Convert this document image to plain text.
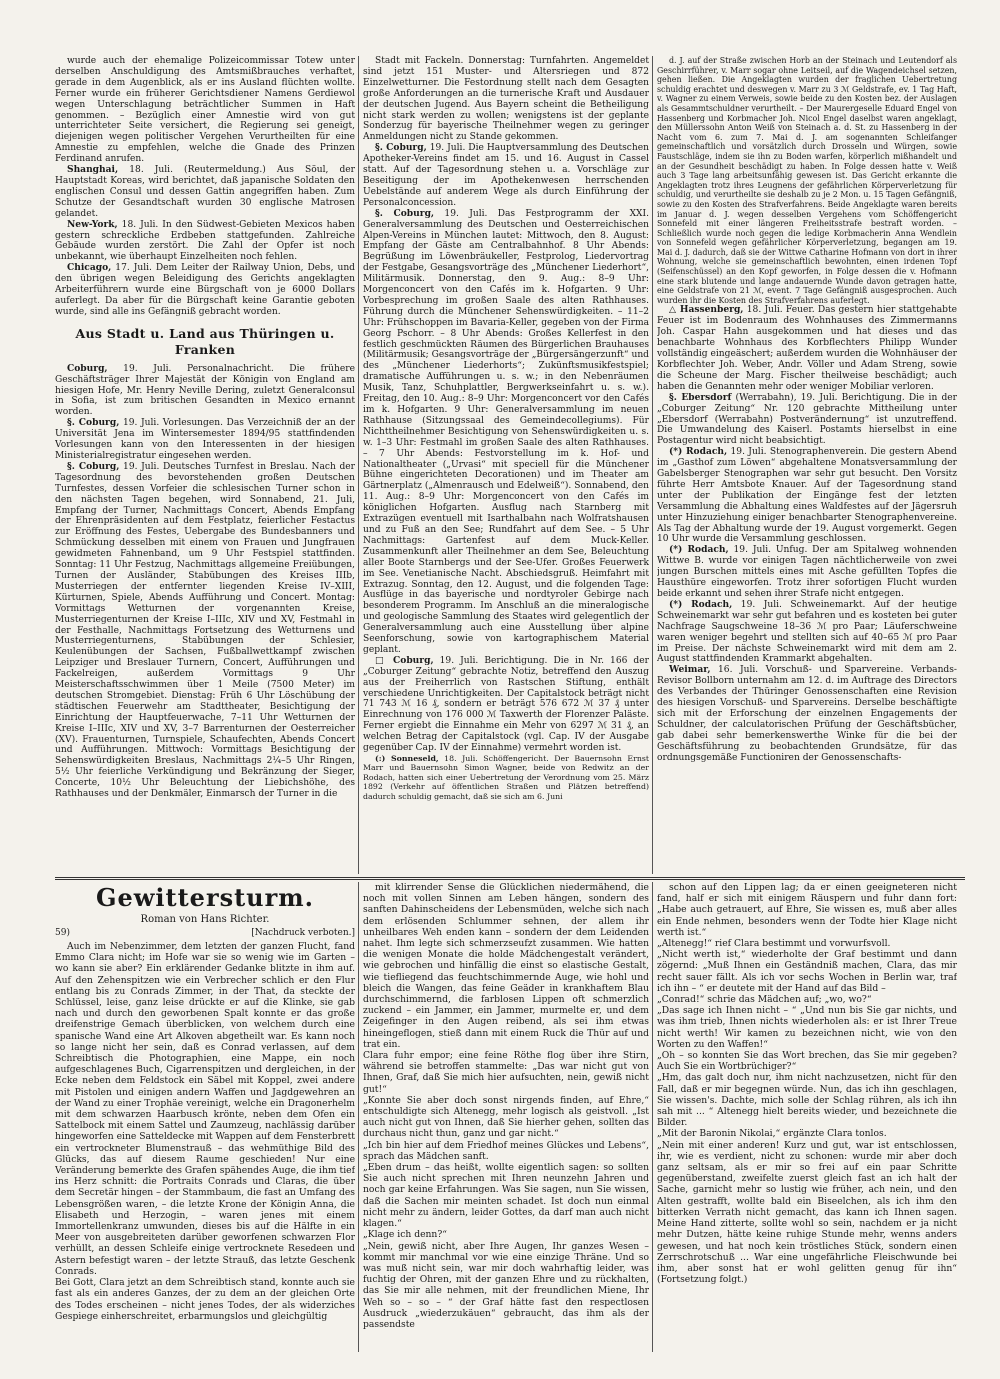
wurde auch der ehemalige Polizeicommissar Totew unter derselben Anschuldigung des Amtsmißbrauches verhaftet, gerade in dem Augenblick, als er ins Ausland flüchten wollte. Ferner wurde ein früherer Gerichtsdiener Namens Gerdiewol wegen Unterschlagung beträchtlicher Summen in Haft genommen. – Bezüglich einer Amnestie wird von gut unterrichteter Seite versichert, die Regierung sei geneigt, diejenigen wegen politischer Vergehen Verurtheilten für eine Amnestie zu empfehlen, welche die Gnade des Prinzen Ferdinand anrufen.

Shanghai, 18. Juli. (Reutermeldung.) Aus Söul, der Hauptstadt Koreas, wird berichtet, daß japanische Soldaten den englischen Consul und dessen Gattin angegriffen haben. Zum Schutze der Gesandtschaft wurden 30 englische Matrosen gelandet.

New-York, 18. Juli. In den Südwest-Gebieten Mexicos haben gestern schreckliche Erdbeben stattgefunden. Zahlreiche Gebäude wurden zerstört. Die Zahl der Opfer ist noch unbekannt, wie überhaupt Einzelheiten noch fehlen.

Chicago, 17. Juli. Dem Leiter der Railway Union, Debs, und den übrigen wegen Beleidigung des Gerichts angeklagten Arbeiterführern wurde eine Bürgschaft von je 6000 Dollars auferlegt. Da aber für die Bürgschaft keine Garantie geboten wurde, sind alle ins Gefängniß gebracht worden.

Aus Stadt u. Land aus Thüringen u. Franken

Coburg, 19. Juli. Personalnachricht. Die frühere Geschäftsträger Ihrer Majestät der Königin von England am hiesigen Hofe, Mr. Henry Neville Dering, zuletzt Generalconsul in Sofia, ist zum britischen Gesandten in Mexico ernannt worden.

§. Coburg, 19. Juli. Vorlesungen. Das Verzeichniß der an der Universität Jena im Wintersemester 1894/95 stattfindenden Vorlesungen kann von den Interessenten in der hiesigen Ministerialregistratur eingesehen werden.

§. Coburg, 19. Juli. Deutsches Turnfest in Breslau. Nach der Tagesordnung des bevorstehenden großen Deutschen Turnfestes, dessen Vorfeier die schlesischen Turner schon in den nächsten Tagen begehen, wird Sonnabend, 21. Juli, Empfang der Turner, Nachmittags Concert, Abends Empfang der Ehrenpräsidenten auf dem Festplatz, feierlicher Festactus zur Eröffnung des Festes, Uebergabe des Bundesbanners und Schmückung desselben mit einem von Frauen und Jungfrauen gewidmeten Fahnenband, um 9 Uhr Festspiel stattfinden. Sonntag: 11 Uhr Festzug, Nachmittags allgemeine Freiübungen, Turnen der Ausländer, Stabübungen des Kreises IIIb, Musterriegen der entfernter liegenden Kreise IV–XIII, Kürturnen, Spiele, Abends Aufführung und Concert. Montag: Vormittags Wetturnen der vorgenannten Kreise, Musterriegenturnen der Kreise I–IIIc, XIV und XV, Festmahl in der Festhalle, Nachmittags Fortsetzung des Wetturnens und Musterriegenturnens, Stabübungen der Schlesier, Keulenübungen der Sachsen, Fußballwettkampf zwischen Leipziger und Breslauer Turnern, Concert, Aufführungen und Fackelreigen, außerdem Vormittags 9 Uhr Meisterschaftsschwimmen über 1 Meile (7500 Meter) im deutschen Stromgebiet. Dienstag: Früh 6 Uhr Löschübung der städtischen Feuerwehr am Stadttheater, Besichtigung der Einrichtung der Hauptfeuerwache, 7–11 Uhr Wetturnen der Kreise I–IIIc, XIV und XV, 3–7 Barrenturnen der Oesterreicher (XV). Frauenturnen, Turnspiele, Schaufechten, Abends Concert und Aufführungen. Mittwoch: Vormittags Besichtigung der Sehenswürdigkeiten Breslaus, Nachmittags 2¼–5 Uhr Ringen, 5½ Uhr feierliche Verkündigung und Bekränzung der Sieger, Concerte, 10½ Uhr Beleuchtung der Liebichshöhe, des Rathhauses und der Denkmäler, Einmarsch der Turner in die

Stadt mit Fackeln. Donnerstag: Turnfahrten. Angemeldet sind jetzt 151 Muster- und Altersriegen und 872 Einzelwetturner. Die Festordnung stellt nach dem Gesagten große Anforderungen an die turnerische Kraft und Ausdauer der deutschen Jugend. Aus Bayern scheint die Betheiligung nicht stark werden zu wollen; wenigstens ist der geplante Sonderzug für bayerische Theilnehmer wegen zu geringer Anmeldungen nicht zu Stande gekommen.

§. Coburg, 19. Juli. Die Hauptversammlung des Deutschen Apotheker-Vereins findet am 15. und 16. August in Cassel statt. Auf der Tagesordnung stehen u. a. Vorschläge zur Beseitigung der im Apothekenwesen herrschenden Uebelstände auf anderem Wege als durch Einführung der Personalconcession.

§. Coburg, 19. Juli. Das Festprogramm der XXI. Generalversammlung des Deutschen und Oesterreichischen Alpen-Vereins in München lautet: Mittwoch, den 8. August: Empfang der Gäste am Centralbahnhof. 8 Uhr Abends: Begrüßung im Löwenbräukeller, Festprolog, Liedervortrag der Festgabe, Gesangsvorträge des „Münchener Liederhort“, Militärmusik. Donnerstag, den 9. Aug.: 8–9 Uhr: Morgenconcert von den Cafés im k. Hofgarten. 9 Uhr: Vorbesprechung im großen Saale des alten Rathhauses. Führung durch die Münchener Sehenswürdigkeiten. – 11–2 Uhr: Frühschoppen im Bavaria-Keller, gegeben von der Firma Georg Pschorr. – 8 Uhr Abends: Großes Kellerfest in den festlich geschmückten Räumen des Bürgerlichen Brauhauses (Militärmusik; Gesangsvorträge der „Bürgersängerzunft“ und des „Münchener Liederhorts“; Zukünftsmusikfestspiel; dramatische Aufführungen u. s. w.; in den Nebenräumen Musik, Tanz, Schuhplattler, Bergwerkseinfahrt u. s. w.). Freitag, den 10. Aug.: 8–9 Uhr: Morgenconcert vor den Cafés im k. Hofgarten. 9 Uhr: Generalversammlung im neuen Rathhause (Sitzungssaal des Gemeindecollegiums). Für Nichttheilnehmer Besichtigung von Sehenswürdigkeiten u. s. w. 1–3 Uhr: Festmahl im großen Saale des alten Rathhauses. – 7 Uhr Abends: Festvorstellung im k. Hof- und Nationaltheater („Urvasi“ mit speciell für die Münchener Bühne eingerichteten Decorationen) und im Theater am Gärtnerplatz („Almenrausch und Edelweiß“). Sonnabend, den 11. Aug.: 8–9 Uhr: Morgenconcert von den Cafés im königlichen Hofgarten. Ausflug nach Starnberg mit Extrazügen eventuell mit Isarthalbahn nach Wolfratshausen und zu Fuß an den See; Rundfahrt auf dem See. – 5 Uhr Nachmittags: Gartenfest auf dem Muck-Keller. Zusammenkunft aller Theilnehmer an dem See, Beleuchtung aller Boote Starnbergs und der See-Ufer. Großes Feuerwerk im See. Venetianische Nacht. Abschiedsgruß. Heimfahrt mit Extrazug. Sonntag, den 12. August, und die folgenden Tage: Ausflüge in das bayerische und nordtyroler Gebirge nach besonderem Programm. Im Anschluß an die mineralogische und geologische Sammlung des Staates wird gelegentlich der Generalversammlung auch eine Ausstellung über alpine Seenforschung, sowie von kartographischem Material geplant.

□ Coburg, 19. Juli. Berichtigung. Die in Nr. 166 der „Coburger Zeitung“ gebrachte Notiz, betreffend den Auszug aus der Freiherrlich von Rastschen Stiftung, enthält verschiedene Unrichtigkeiten. Der Capitalstock beträgt nicht 71 743 ℳ 16 ₰, sondern er beträgt 576 672 ℳ 37 ₰ unter Einrechnung von 176 000 ℳ Taxwerth der Florenzer Paläste. Ferner ergiebt die Einnahme ein Mehr von 6297 ℳ 31 ₰, an welchen Betrag der Capitalstock (vgl. Cap. IV der Ausgabe gegenüber Cap. IV der Einnahme) vermehrt worden ist.

(:) Sonneseld, 18. Juli. Schöffengericht. Der Bauernsohn Ernst Marr und Bauernsohn Simon Wagner, beide von Redwitz an der Rodach, hatten sich einer Uebertretung der Verordnung vom 25. März 1892 (Verkehr auf öffentlichen Straßen und Plätzen betreffend) dadurch schuldig gemacht, daß sie sich am 6. Juni

d. J. auf der Straße zwischen Horb an der Steinach und Leutendorf als Geschirrführer, v. Marr sogar ohne Leitseil, auf die Wagendeichsel setzen, gehen ließen. Die Angeklagten wurden der fraglichen Uebertretung schuldig erachtet und deswegen v. Marr zu 3 ℳ Geldstrafe, ev. 1 Tag Haft, v. Wagner zu einem Verweis, sowie beide zu den Kosten bez. der Auslagen als Gesammtschuldner verurtheilt. – Der Maurergeselle Eduard Engel von Hassenberg und Korbmacher Joh. Nicol Engel daselbst waren angeklagt, den Müllerssohn Anton Weiß von Steinach a. d. St. zu Hassenberg in der Nacht vom 6. zum 7. Mai d. J. am sogenannten Schleifanger gemeinschaftlich und vorsätzlich durch Drosseln und Würgen, sowie Faustschläge, indem sie ihn zu Boden warfen, körperlich mißhandelt und an der Gesundheit beschädigt zu haben. In Folge dessen hatte v. Weiß auch 3 Tage lang arbeitsunfähig gewesen ist. Das Gericht erkannte die Angeklagten trotz ihres Leugnens der gefährlichen Körperverletzung für schuldig, und verurtheilte sie deshalb zu je 2 Mon. u. 15 Tagen Gefängniß, sowie zu den Kosten des Strafverfahrens. Beide Angeklagte waren bereits im Januar d. J. wegen desselben Vergehens vom Schöffengericht Sonnefeld mit einer längeren Freiheitsstrafe bestraft worden. – Schließlich wurde noch gegen die ledige Korbmacherin Anna Wendlein von Sonnefeld wegen gefährlicher Körperverletzung, begangen am 19. Mai d. J. dadurch, daß sie der Wittwe Catharine Hofmann von dort in ihrer Wohnung, welche sie gemeinschaftlich bewohnten, einen irdenen Topf (Seifenschüssel) an den Kopf geworfen, in Folge dessen die v. Hofmann eine stark blutende und lange andauernde Wunde davon getragen hatte, eine Geldstrafe von 21 ℳ, event. 7 Tage Gefängniß ausgesprochen. Auch wurden ihr die Kosten des Strafverfahrens auferlegt.

△ Hassenberg, 18. Juli. Feuer. Das gestern hier stattgehabte Feuer ist im Bodenraum des Wohnhauses des Zimmermanns Joh. Caspar Hahn ausgekommen und hat dieses und das benachbarte Wohnhaus des Korbflechters Philipp Wunder vollständig eingeäschert; außerdem wurden die Wohnhäuser der Korbflechter Joh. Weber, Andr. Völler und Adam Streng, sowie die Scheune der Marg. Fischer theilweise beschädigt; auch haben die Genannten mehr oder weniger Mobiliar verloren.

§. Ebersdorf (Werrabahn), 19. Juli. Berichtigung. Die in der „Coburger Zeitung“ Nr. 120 gebrachte Mittheilung unter „Ebersdorf (Werrabahn) Postverändernung“ ist unzutreffend. Die Umwandelung des Kaiserl. Postamts hierselbst in eine Postagentur wird nicht beabsichtigt.

(*) Rodach, 19. Juli. Stenographenverein. Die gestern Abend im „Gasthof zum Löwen“ abgehaltene Monatsversammlung der Gabelsberger Stenographen war sehr gut besucht. Den Vorsitz führte Herr Amtsbote Knauer. Auf der Tagesordnung stand unter der Publikation der Eingänge fest der letzten Versammlung die Abhaltung eines Waldfestes auf der Jägersruh unter Hinzuziehung einiger benachbarter Stenographenvereine. Als Tag der Abhaltung wurde der 19. August vorgemerkt. Gegen 10 Uhr wurde die Versammlung geschlossen.

(*) Rodach, 19. Juli. Unfug. Der am Spitalweg wohnenden Wittwe B. wurde vor einigen Tagen nächtlicherweile von zwei jungen Burschen mittels eines mit Asche gefüllten Topfes die Hausthüre eingeworfen. Trotz ihrer sofortigen Flucht wurden beide erkannt und sehen ihrer Strafe nicht entgegen.

(*) Rodach, 19. Juli. Schweinemarkt. Auf der heutige Schweinemarkt war sehr gut befahren und es kosteten bei guter Nachfrage Saugschweine 18–36 ℳ pro Paar; Läuferschweine waren weniger begehrt und stellten sich auf 40–65 ℳ pro Paar im Preise. Der nächste Schweinemarkt wird mit dem am 2. August stattfindenden Krammarkt abgehalten.

Weimar, 16. Juli. Vorschuß- und Sparvereine. Verbands-Revisor Bollborn unternahm am 12. d. im Auftrage des Directors des Verbandes der Thüringer Genossenschaften eine Revision des hiesigen Vorschuß- und Sparvereins. Derselbe beschäftigte sich mit der Erforschung der einzelnen Engagements der Schuldner, der calculatorischen Prüfung der Geschäftsbücher, gab dabei sehr bemerkenswerthe Winke für die bei der Geschäftsführung zu beobachtenden Grundsätze, für das ordnungsgemäße Functioniren der Genossenschafts-

Gewittersturm.
Roman von Hans Richter.
59)	[Nachdruck verboten.]

Auch im Nebenzimmer, dem letzten der ganzen Flucht, fand Emmo Clara nicht; im Hofe war sie so wenig wie im Garten – wo kann sie aber? Ein erklärender Gedanke blitzte in ihm auf. Auf den Zehenspitzen wie ein Verbrecher schlich er den Flur entlang bis zu Conrads Zimmer, in der That, da steckte der Schlüssel, leise, ganz leise drückte er auf die Klinke, sie gab nach und durch den geworbenen Spalt konnte er das große dreifenstrige Gemach überblicken, von welchem durch eine spanische Wand eine Art Alkoven abgetheilt war. Es kann noch so lange nicht her sein, daß es Conrad verlassen, auf dem Schreibtisch die Photographien, eine Mappe, ein noch aufgeschlagenes Buch, Cigarrenspitzen und dergleichen, in der Ecke neben dem Feldstock ein Säbel mit Koppel, zwei andere mit Pistolen und einigen andern Waffen und Jagdgewehren an der Wand zu einer Trophäe vereinigt, welche ein Dragonerhelm mit dem schwarzen Haarbusch krönte, neben dem Ofen ein Sattelbock mit einem Sattel und Zaumzeug, nachlässig darüber hingeworfen eine Satteldecke mit Wappen auf dem Fensterbrett ein vertrockneter Blumenstrauß – das wehmüthige Bild des Glücks, das auf diesem Raume geschieden! Nur eine Veränderung bemerkte des Grafen spähendes Auge, die ihm tief ins Herz schnitt: die Portraits Conrads und Claras, die über dem Secretär hingen – der Stammbaum, die fast an Umfang des Lebensgrößen waren, – die letzte Krone der Königin Anna, die Elisabeth und Herzogin, – waren jenes mit einem Immortellenkranz umwunden, dieses bis auf die Hälfte in ein Meer von ausgebreiteten darüber geworfenen schwarzen Flor verhüllt, an dessen Schleife einige vertrocknete Resedeen und Astern befestigt waren – der letzte Strauß, das letzte Geschenk Conrads.
Bei Gott, Clara jetzt an dem Schreibtisch stand, konnte auch sie fast als ein anderes Ganzes, der zu dem an der gleichen Orte des Todes erscheinen – nicht jenes Todes, der als widerziches Gespiege einherschreitet, erbarmungslos und gleichgültig

mit klirrender Sense die Glücklichen niedermähend, die noch mit vollen Sinnen am Leben hängen, sondern des sanften Dahinscheidens der Lebensmüden, welche sich nach dem erlösenden Schlummer sehnen, der allem ihr unheilbares Weh enden kann – sondern der dem Leidenden nahet. Ihm legte sich schmerzseufzt zusammen. Wie hatten die wenigen Monate die holde Mädchengestalt verändert, wie gebrochen und hinfällig die einst so elastische Gestalt, wie tiefliegend das feuchtschimmernde Auge, wie hohl und bleich die Wangen, das feine Geäder in krankhaftem Blau durchschimmernd, die farblosen Lippen oft schmerzlich zuckend – ein Jammer, ein Jammer, murmelte er, und dem Zeigefinger in den Augen reibend, als sei ihm etwas hineingeflogen, stieß dann mit einem Ruck die Thür auf und trat ein.
Clara fuhr empor; eine feine Röthe flog über ihre Stirn, während sie betroffen stammelte: „Das war nicht gut von Ihnen, Graf, daß Sie mich hier aufsuchten, nein, gewiß nicht gut!“
„Konnte Sie aber doch sonst nirgends finden, auf Ehre,“ entschuldigte sich Altenegg, mehr logisch als geistvoll. „Ist auch nicht gut von Ihnen, daß Sie hierher gehen, sollten das durchaus nicht thun, ganz und gar nicht.“
„Ich bin hier auf dem Friedhof meines Glückes und Lebens“, sprach das Mädchen sanft.
„Eben drum – das heißt, wollte eigentlich sagen: so sollten Sie auch nicht sprechen mit Ihren neunzehn Jahren und noch gar keine Erfahrungen. Was Sie sagen, nun Sie wissen, daß die Sachen mir meinten schadet. Ist doch nun einmal nicht mehr zu ändern, leider Gottes, da darf man auch nicht klagen.“
„Klage ich denn?“
„Nein, gewiß nicht, aber Ihre Augen, Ihr ganzes Wesen – kommt mir manchmal vor wie eine einzige Thräne. Und so was muß nicht sein, war mir doch wahrhaftig leider, was fuchtig der Ohren, mit der ganzen Ehre und zu rückhalten, das Sie mir alle nehmen, mit der freundlichen Miene, Ihr Weh so – so – “ der Graf hätte fast den respectlosen Ausdruck „wiederzukäuen“ gebraucht, das ihm als der passendste

schon auf den Lippen lag; da er einen geeigneteren nicht fand, half er sich mit einigem Räuspern und fuhr dann fort: „Habe auch getrauert, auf Ehre, Sie wissen es, muß aber alles ein Ende nehmen, besonders wenn der Todte hier Klage nicht werth ist.“
„Altenegg!“ rief Clara bestimmt und vorwurfsvoll.
„Nicht werth ist,“ wiederholte der Graf bestimmt und dann zögernd: „Muß Ihnen ein Geständniß machen, Clara, das mir recht sauer fällt. Als ich vor sechs Wochen in Berlin war, traf ich ihn – “ er deutete mit der Hand auf das Bild –
„Conrad!“ schrie das Mädchen auf; „wo, wo?“
„Das sage ich Ihnen nicht – “ „Und nun bis Sie gar nichts, und was ihm trieb, Ihnen nichts wiederholen als: er ist Ihrer Treue nicht werth! Wir kamen zu bezeichnen nicht, wie von den Worten zu den Waffen!“
„Oh – so konnten Sie das Wort brechen, das Sie mir gegeben? Auch Sie ein Wortbrüchiger?“
„Hm, das galt doch nur, ihm nicht nachzusetzen, nicht für den Fall, daß er mir begegnen würde. Nun, das ich ihn geschlagen, Sie wissen's. Dachte, mich solle der Schlag rühren, als ich ihn sah mit ... “ Altenegg hielt bereits wieder, und bezeichnete die Bilder.
„Mit der Baronin Nikolai,“ ergänzte Clara tonlos.
„Nein mit einer anderen! Kurz und gut, war ist entschlossen, ihr, wie es verdient, nicht zu schonen: wurde mir aber doch ganz seltsam, als er mir so frei auf ein paar Schritte gegenüberstand, zweifelte zuerst gleich fast an ich halt der Sache, garnicht mehr so lustig wie früher, ach nein, und den Alten gestrafft, wollte bald ein Biseelchen, als ich ihm den bitterken Verrath nicht gemacht, das kann ich Ihnen sagen. Meine Hand zitterte, sollte wohl so sein, nachdem er ja nicht mehr Dutzen, hätte keine ruhige Stunde mehr, wenns anders gewesen, und hat noch kein tröstliches Stück, sondern einen Zerrschrotschuß ... War eine ungefährliche Fleischwunde bei ihm, aber sonst hat er wohl gelitten genug für ihn“ (Fortsetzung folgt.)
